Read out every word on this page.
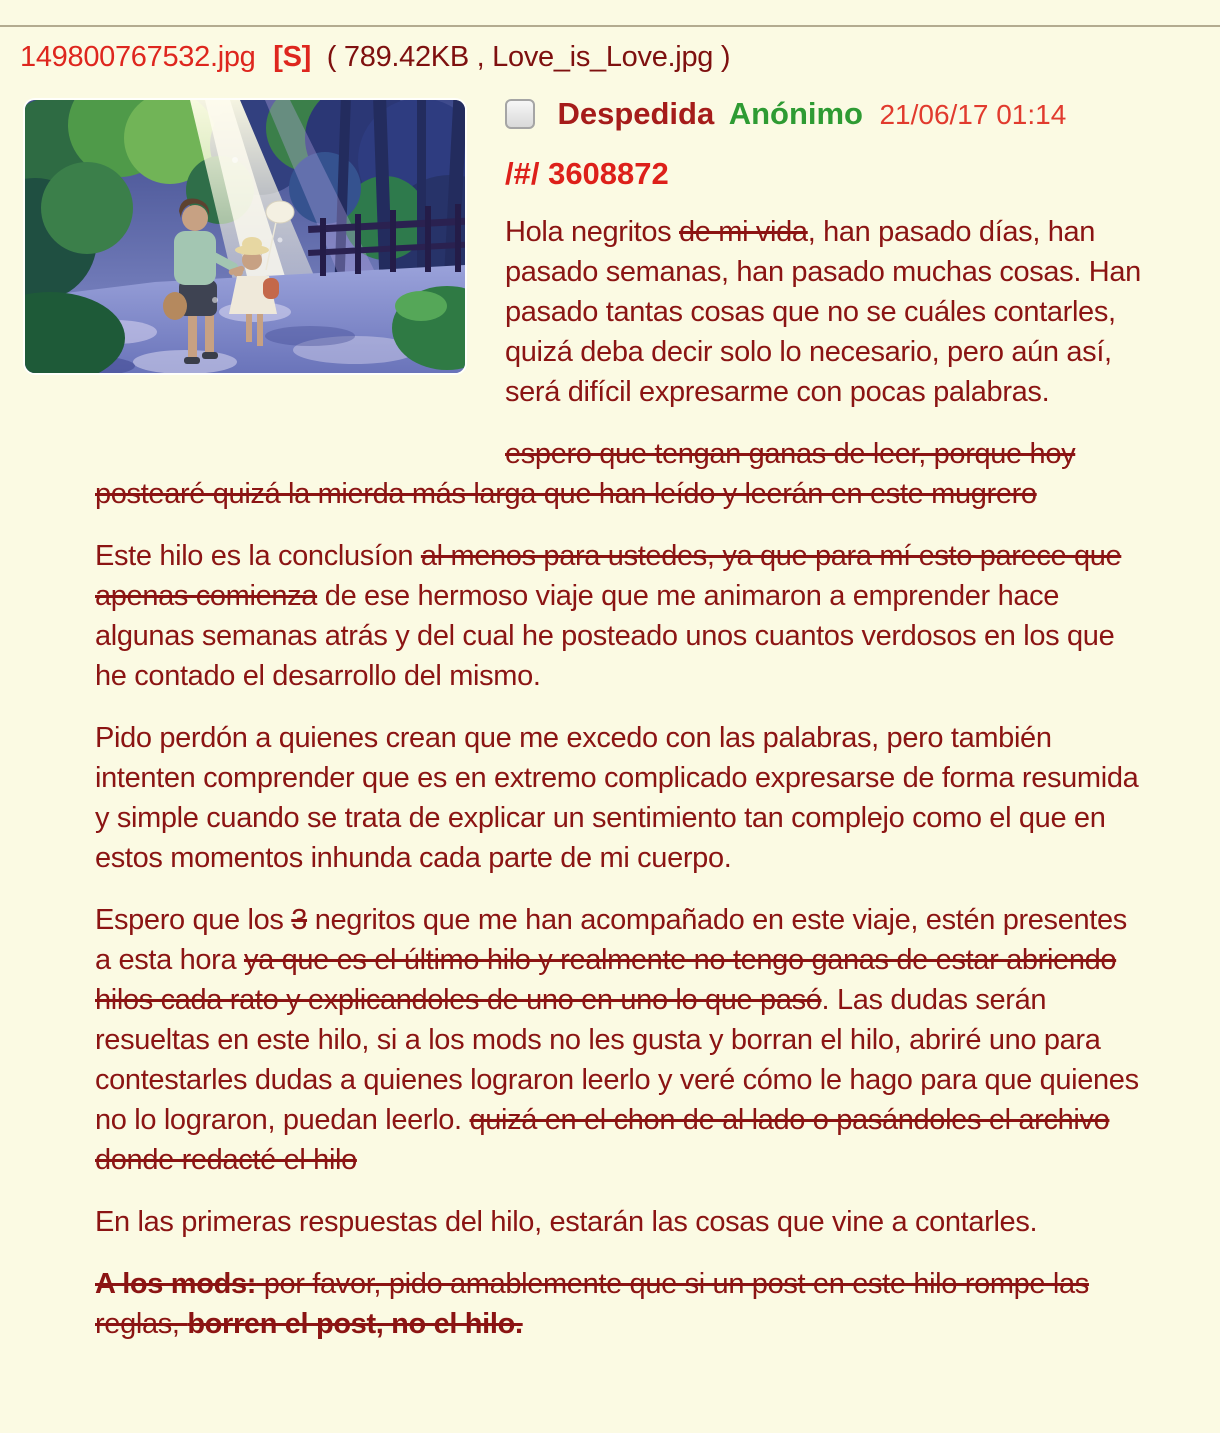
149800767532.jpg [S] ( 789.42KB , Love_is_Love.jpg )
Despedida Anónimo 21/06/17 01:14
/#/ 3608872

Hola negritos de mi vida, han pasado días, han pasado semanas, han pasado muchas cosas. Han pasado tantas cosas que no se cuáles contarles, quizá deba decir solo lo necesario, pero aún así, será difícil expresarme con pocas palabras.

espero que tengan ganas de leer, porque hoy postearé quizá la mierda más larga que han leído y leerán en este mugrero

Este hilo es la conclusíon al menos para ustedes, ya que para mí esto parece que apenas comienza de ese hermoso viaje que me animaron a emprender hace algunas semanas atrás y del cual he posteado unos cuantos verdosos en los que he contado el desarrollo del mismo.

Pido perdón a quienes crean que me excedo con las palabras, pero también intenten comprender que es en extremo complicado expresarse de forma resumida y simple cuando se trata de explicar un sentimiento tan complejo como el que en estos momentos inhunda cada parte de mi cuerpo.

Espero que los 3 negritos que me han acompañado en este viaje, estén presentes a esta hora ya que es el último hilo y realmente no tengo ganas de estar abriendo hilos cada rato y explicandoles de uno en uno lo que pasó. Las dudas serán resueltas en este hilo, si a los mods no les gusta y borran el hilo, abriré uno para contestarles dudas a quienes lograron leerlo y veré cómo le hago para que quienes no lo lograron, puedan leerlo. quizá en el chon de al lado o pasándoles el archivo donde redacté el hilo

En las primeras respuestas del hilo, estarán las cosas que vine a contarles.

A los mods: por favor, pido amablemente que si un post en este hilo rompe las reglas, borren el post, no el hilo.
